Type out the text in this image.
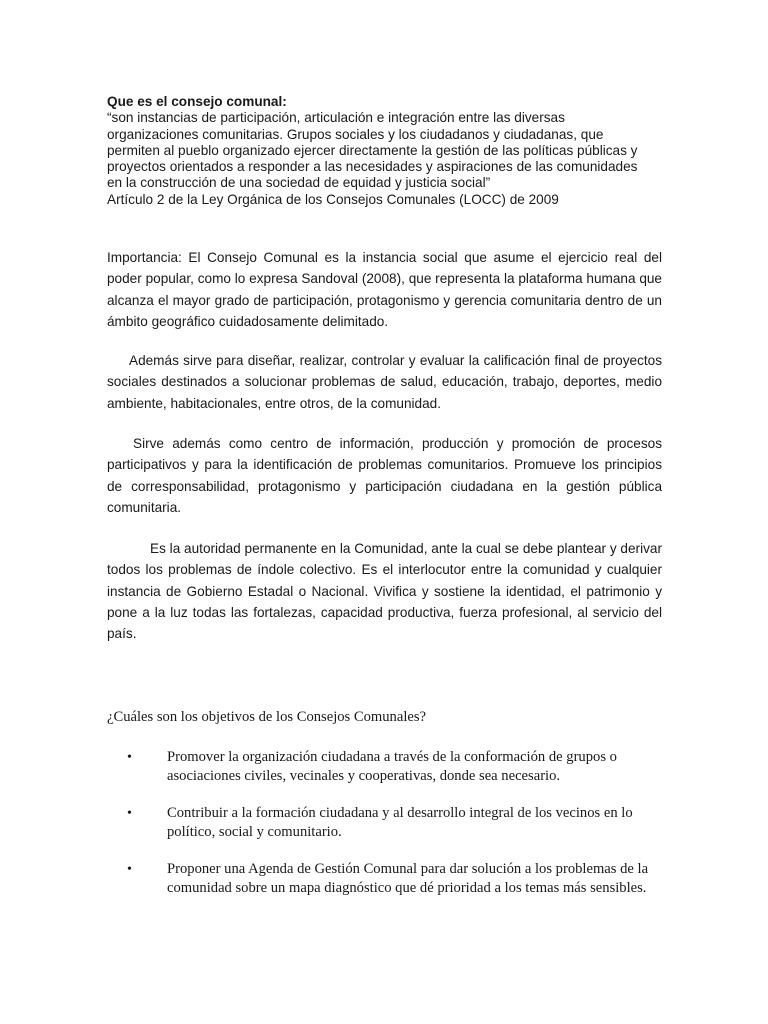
Que es el consejo comunal:
“son instancias de participación, articulación e integración entre las diversas
organizaciones comunitarias. Grupos sociales y los ciudadanos y ciudadanas, que
permiten al pueblo organizado ejercer directamente la gestión de las políticas públicas y
proyectos orientados a responder a las necesidades y aspiraciones de las comunidades
en la construcción de una sociedad de equidad y justicia social”
Artículo 2 de la Ley Orgánica de los Consejos Comunales (LOCC) de 2009

Importancia: El Consejo Comunal es la instancia social que asume el ejercicio real del poder popular, como lo expresa Sandoval (2008), que representa la plataforma humana que alcanza el mayor grado de participación, protagonismo y gerencia comunitaria dentro de un ámbito geográfico cuidadosamente delimitado.

Además sirve para diseñar, realizar, controlar y evaluar la calificación final de proyectos sociales destinados a solucionar problemas de salud, educación, trabajo, deportes, medio ambiente, habitacionales, entre otros, de la comunidad.

Sirve además como centro de información, producción y promoción de procesos participativos y para la identificación de problemas comunitarios. Promueve los principios de corresponsabilidad, protagonismo y participación ciudadana en la gestión pública comunitaria.

Es la autoridad permanente en la Comunidad, ante la cual se debe plantear y derivar todos los problemas de índole colectivo. Es el interlocutor entre la comunidad y cualquier instancia de Gobierno Estadal o Nacional. Vivifica y sostiene la identidad, el patrimonio y pone a la luz todas las fortalezas, capacidad productiva, fuerza profesional, al servicio del país.

¿Cuáles son los objetivos de los Consejos Comunales?
• Promover la organización ciudadana a través de la conformación de grupos o asociaciones civiles, vecinales y cooperativas, donde sea necesario.
• Contribuir a la formación ciudadana y al desarrollo integral de los vecinos en lo político, social y comunitario.
• Proponer una Agenda de Gestión Comunal para dar solución a los problemas de la comunidad sobre un mapa diagnóstico que dé prioridad a los temas más sensibles.
